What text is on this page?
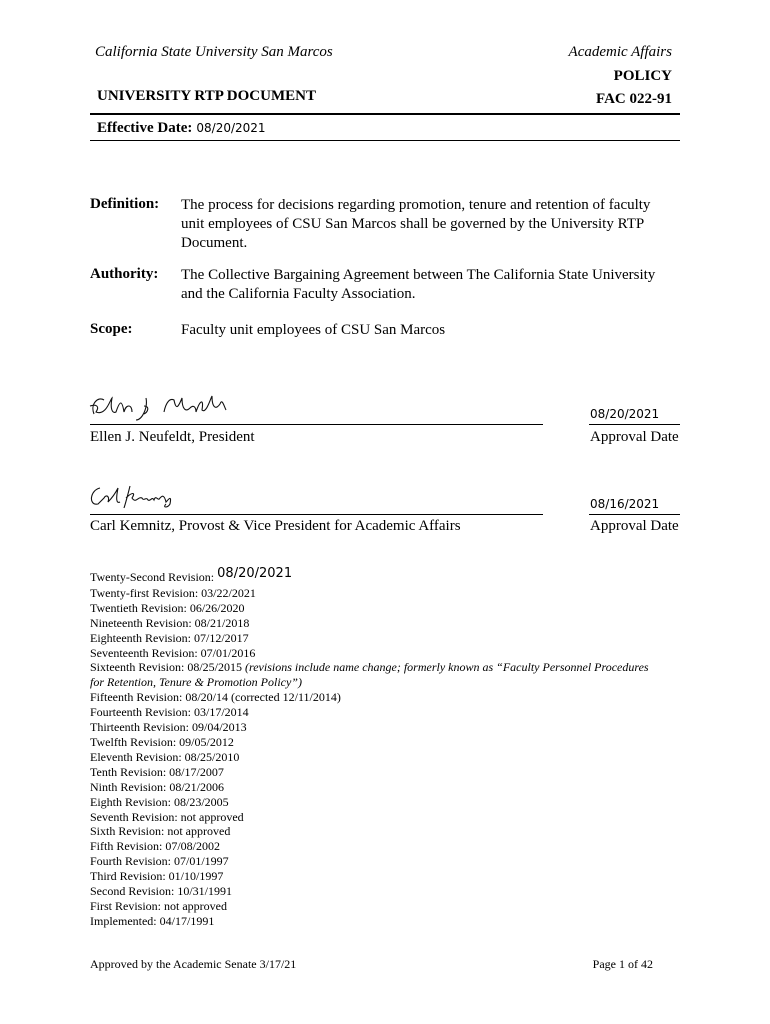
California State University San Marcos	Academic Affairs
POLICY
UNIVERSITY RTP DOCUMENT	FAC 022-91
Effective Date: 08/20/2021
Definition: The process for decisions regarding promotion, tenure and retention of faculty unit employees of CSU San Marcos shall be governed by the University RTP Document.
Authority: The Collective Bargaining Agreement between The California State University and the California Faculty Association.
Scope:	Faculty unit employees of CSU San Marcos
08/20/2021
Ellen J. Neufeldt, President	Approval Date
08/16/2021
Carl Kemnitz, Provost & Vice President for Academic Affairs	Approval Date
Twenty-Second Revision: 08/20/2021
Twenty-first Revision: 03/22/2021
Twentieth Revision: 06/26/2020
Nineteenth Revision: 08/21/2018
Eighteenth Revision: 07/12/2017
Seventeenth Revision: 07/01/2016
Sixteenth Revision: 08/25/2015 (revisions include name change; formerly known as “Faculty Personnel Procedures for Retention, Tenure & Promotion Policy”)
Fifteenth Revision: 08/20/14 (corrected 12/11/2014)
Fourteenth Revision: 03/17/2014
Thirteenth Revision: 09/04/2013
Twelfth Revision: 09/05/2012
Eleventh Revision: 08/25/2010
Tenth Revision: 08/17/2007
Ninth Revision: 08/21/2006
Eighth Revision: 08/23/2005
Seventh Revision: not approved
Sixth Revision: not approved
Fifth Revision: 07/08/2002
Fourth Revision: 07/01/1997
Third Revision: 01/10/1997
Second Revision: 10/31/1991
First Revision: not approved
Implemented: 04/17/1991
Approved by the Academic Senate 3/17/21	Page 1 of 42
